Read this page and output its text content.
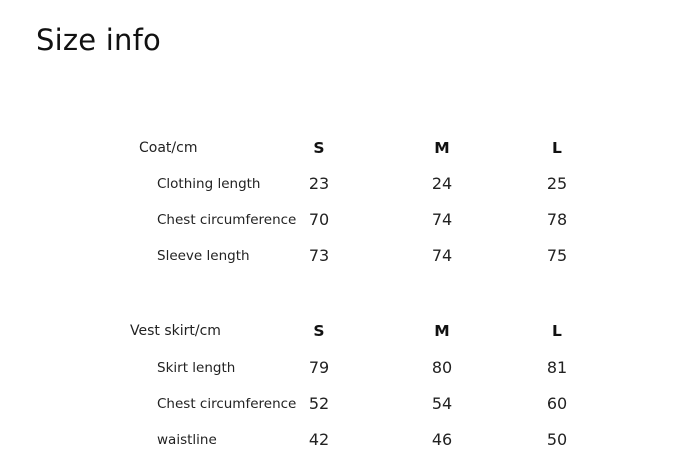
Size info
Coat/cm	S	M	L
Clothing length	23	24	25
Chest circumference 70	74	78
Sleeve length	73	74	75
Vest skirt/cm	S	M	L
Skirt length	79	80	81
Chest circumference 52	54	60
waistline	42	46	50
